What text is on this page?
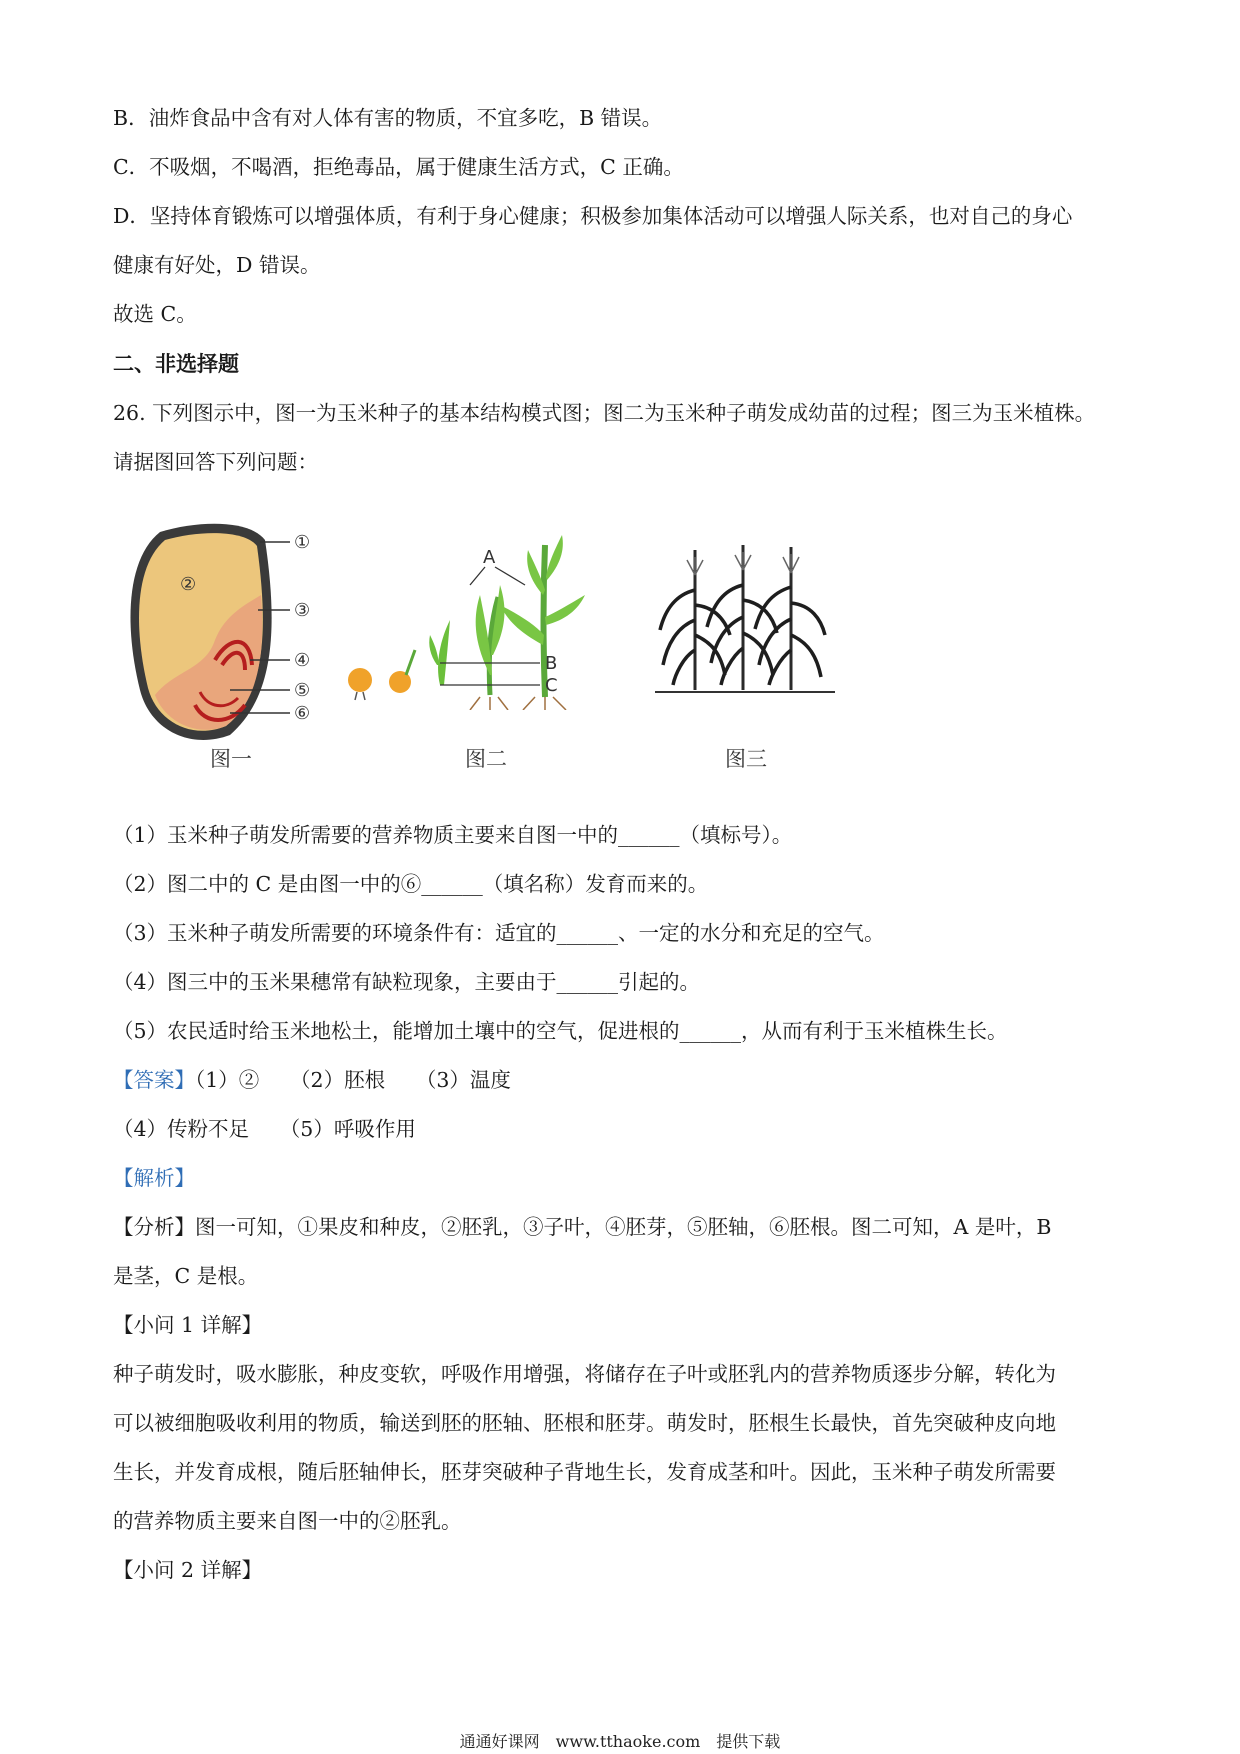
B．油炸食品中含有对人体有害的物质，不宜多吃，B 错误。
C．不吸烟，不喝酒，拒绝毒品，属于健康生活方式，C 正确。
D．坚持体育锻炼可以增强体质，有利于身心健康；积极参加集体活动可以增强人际关系，也对自己的身心
健康有好处，D 错误。
故选 C。
二、非选择题
26. 下列图示中，图一为玉米种子的基本结构模式图；图二为玉米种子萌发成幼苗的过程；图三为玉米植株。
请据图回答下列问题：
②
①
③
④
⑤
⑥
A
B
C
图一	图二	图三
（1）玉米种子萌发所需要的营养物质主要来自图一中的______（填标号）。
（2）图二中的 C 是由图一中的⑥______（填名称）发育而来的。
（3）玉米种子萌发所需要的环境条件有：适宜的______、一定的水分和充足的空气。
（4）图三中的玉米果穗常有缺粒现象，主要由于______引起的。
（5）农民适时给玉米地松土，能增加土壤中的空气，促进根的______，从而有利于玉米植株生长。
【答案】（1）②　　（2）胚根　　（3）温度
（4）传粉不足　　（5）呼吸作用
【解析】
【分析】图一可知，①果皮和种皮，②胚乳，③子叶，④胚芽，⑤胚轴，⑥胚根。图二可知，A 是叶，B
是茎，C 是根。
【小问 1 详解】
种子萌发时，吸水膨胀，种皮变软，呼吸作用增强，将储存在子叶或胚乳内的营养物质逐步分解，转化为
可以被细胞吸收利用的物质，输送到胚的胚轴、胚根和胚芽。萌发时，胚根生长最快，首先突破种皮向地
生长，并发育成根，随后胚轴伸长，胚芽突破种子背地生长，发育成茎和叶。因此，玉米种子萌发所需要
的营养物质主要来自图一中的②胚乳。
【小问 2 详解】
通通好课网　www.tthaoke.com　提供下载
